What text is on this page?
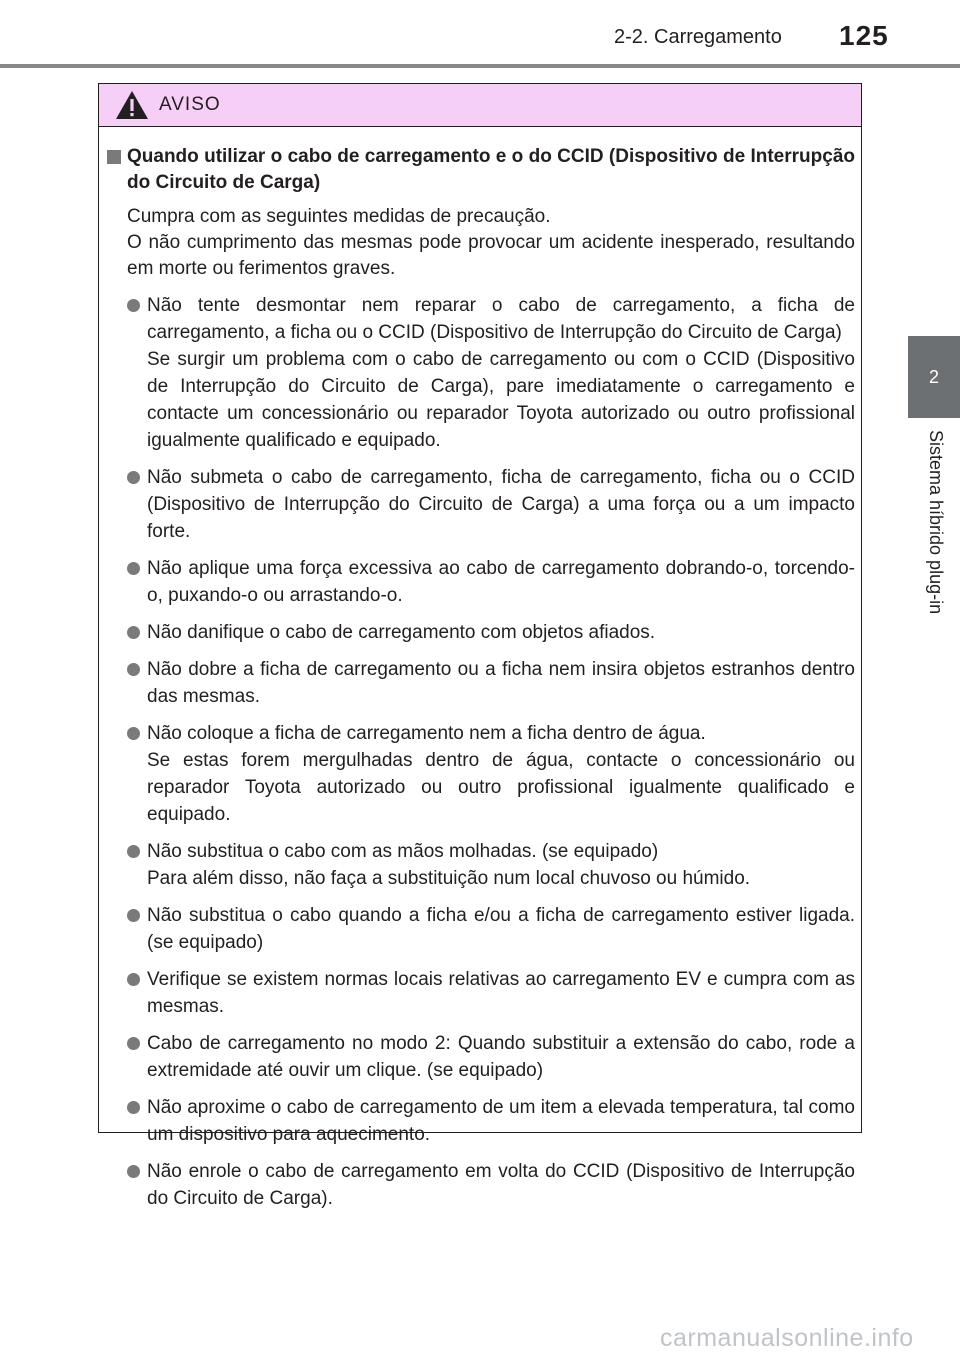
2-2. Carregamento 125
2
Sistema híbrido plug-in
AVISO
Quando utilizar o cabo de carregamento e o do CCID (Dispositivo de Interrupção do Circuito de Carga)
Cumpra com as seguintes medidas de precaução.
O não cumprimento das mesmas pode provocar um acidente inesperado, resultando em morte ou ferimentos graves.
Não tente desmontar nem reparar o cabo de carregamento, a ficha de carregamento, a ficha ou o CCID (Dispositivo de Interrupção do Circuito de Carga)
Se surgir um problema com o cabo de carregamento ou com o CCID (Dispositivo de Interrupção do Circuito de Carga), pare imediatamente o carregamento e contacte um concessionário ou reparador Toyota autorizado ou outro profissional igualmente qualificado e equipado.
Não submeta o cabo de carregamento, ficha de carregamento, ficha ou o CCID (Dispositivo de Interrupção do Circuito de Carga) a uma força ou a um impacto forte.
Não aplique uma força excessiva ao cabo de carregamento dobrando-o, torcendo-o, puxando-o ou arrastando-o.
Não danifique o cabo de carregamento com objetos afiados.
Não dobre a ficha de carregamento ou a ficha nem insira objetos estranhos dentro das mesmas.
Não coloque a ficha de carregamento nem a ficha dentro de água.
Se estas forem mergulhadas dentro de água, contacte o concessionário ou reparador Toyota autorizado ou outro profissional igualmente qualificado e equipado.
Não substitua o cabo com as mãos molhadas. (se equipado)
Para além disso, não faça a substituição num local chuvoso ou húmido.
Não substitua o cabo quando a ficha e/ou a ficha de carregamento estiver ligada. (se equipado)
Verifique se existem normas locais relativas ao carregamento EV e cumpra com as mesmas.
Cabo de carregamento no modo 2: Quando substituir a extensão do cabo, rode a extremidade até ouvir um clique. (se equipado)
Não aproxime o cabo de carregamento de um item a elevada temperatura, tal como um dispositivo para aquecimento.
Não enrole o cabo de carregamento em volta do CCID (Dispositivo de Interrupção do Circuito de Carga).
carmanualsonline.info
